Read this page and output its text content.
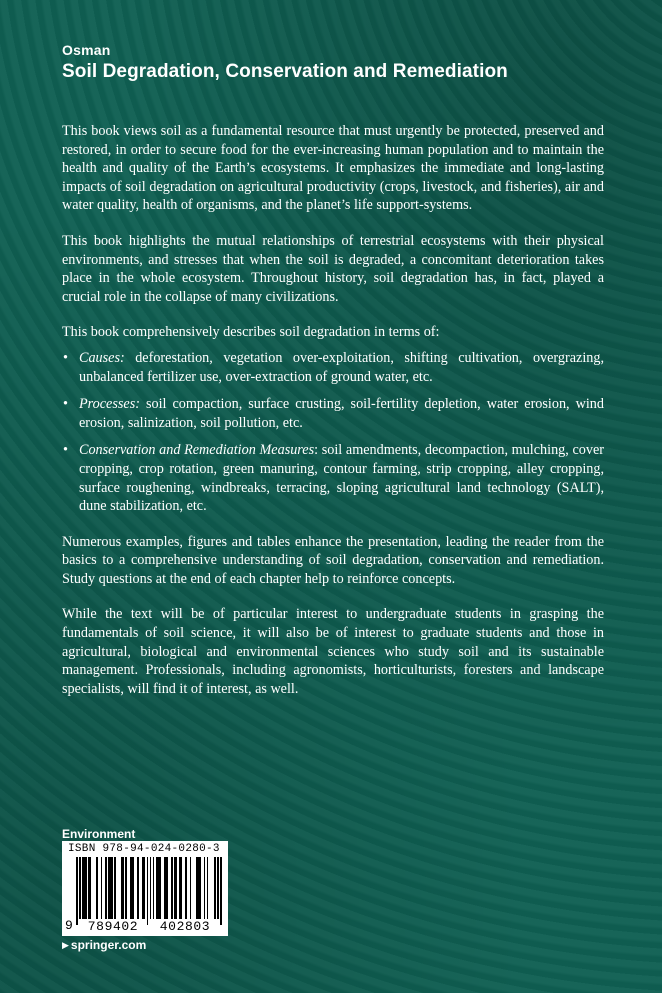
Osman
Soil Degradation, Conservation and Remediation

This book views soil as a fundamental resource that must urgently be protected, preserved and restored, in order to secure food for the ever-increasing human population and to maintain the health and quality of the Earth’s ecosystems. It emphasizes the immediate and long-lasting impacts of soil degradation on agricultural productivity (crops, livestock, and fisheries), air and water quality, health of organisms, and the planet’s life support-systems.

This book highlights the mutual relationships of terrestrial ecosystems with their physical environments, and stresses that when the soil is degraded, a concomitant deterioration takes place in the whole ecosystem. Throughout history, soil degradation has, in fact, played a crucial role in the collapse of many civilizations.

This book comprehensively describes soil degradation in terms of:

• Causes: deforestation, vegetation over-exploitation, shifting cultivation, overgrazing, unbalanced fertilizer use, over-extraction of ground water, etc.
• Processes: soil compaction, surface crusting, soil-fertility depletion, water erosion, wind erosion, salinization, soil pollution, etc.
• Conservation and Remediation Measures: soil amendments, decompaction, mulching, cover cropping, crop rotation, green manuring, contour farming, strip cropping, alley cropping, surface roughening, windbreaks, terracing, sloping agricultural land technology (SALT), dune stabilization, etc.

Numerous examples, figures and tables enhance the presentation, leading the reader from the basics to a comprehensive understanding of soil degradation, conservation and remediation. Study questions at the end of each chapter help to reinforce concepts.

While the text will be of particular interest to undergraduate students in grasping the fundamentals of soil science, it will also be of interest to graduate students and those in agricultural, biological and environmental sciences who study soil and its sustainable management. Professionals, including agronomists, horticulturists, foresters and landscape specialists, will find it of interest, as well.

Environment
ISBN 978-94-024-0280-3
9	789402	402803
▶ springer.com
